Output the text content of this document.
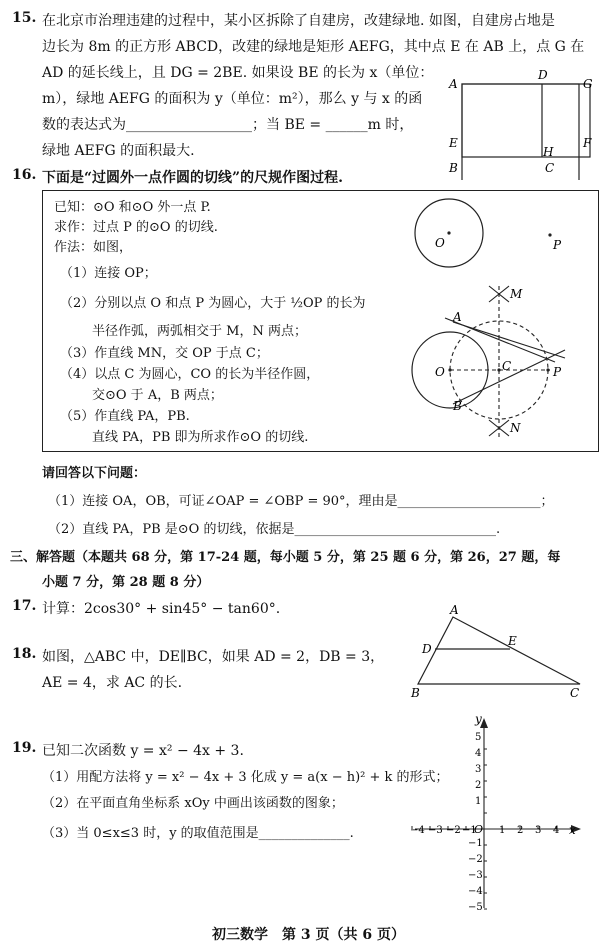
15. 在北京市治理违建的过程中，某小区拆除了自建房，改建绿地. 如图，自建房占地是
边长为 8m 的正方形 ABCD，改建的绿地是矩形 AEFG，其中点 E 在 AB 上，点 G 在
AD 的延长线上，且 DG = 2BE. 如果设 BE 的长为 x（单位：
m），绿地 AEFG 的面积为 y（单位：m²），那么 y 与 x 的函
数的表达式为__________________；当 BE = ______m 时，
绿地 AEFG 的面积最大.
A
D
G
E
H
F
B	C
16. 下面是“过圆外一点作圆的切线”的尺规作图过程.
已知：⊙O 和⊙O 外一点 P.
求作：过点 P 的⊙O 的切线.
作法：如图，
（1）连接 OP；
（2）分别以点 O 和点 P 为圆心，大于 ½OP 的长为
半径作弧，两弧相交于 M，N 两点；
（3）作直线 MN，交 OP 于点 C；
（4）以点 C 为圆心，CO 的长为半径作圆，
交⊙O 于 A，B 两点；
（5）作直线 PA，PB.
直线 PA，PB 即为所求作⊙O 的切线.
O	P
M
A
O	C	P
B
N
请回答以下问题：
（1）连接 OA，OB，可证∠OAP = ∠OBP = 90°，理由是______________________；
（2）直线 PA，PB 是⊙O 的切线，依据是_______________________________.
三、解答题（本题共 68 分，第 17-24 题，每小题 5 分，第 25 题 6 分，第 26，27 题，每
小题 7 分，第 28 题 8 分）
17. 计算：2cos30° + sin45° − tan60°.
18. 如图，△ABC 中，DE∥BC，如果 AD = 2，DB = 3，
AE = 4，求 AC 的长.
A
D
E
B	C
19. 已知二次函数 y = x² − 4x + 3.
（1）用配方法将 y = x² − 4x + 3 化成 y = a(x − h)² + k 的形式；
（2）在平面直角坐标系 xOy 中画出该函数的图象；
（3）当 0≤x≤3 时，y 的取值范围是______________.	x
y
O
−4 −3 −2 −1 1 2 3 4
5
4
3
2
1
−1
−2
−3
−4
−5
初三数学　第 3 页（共 6 页）
